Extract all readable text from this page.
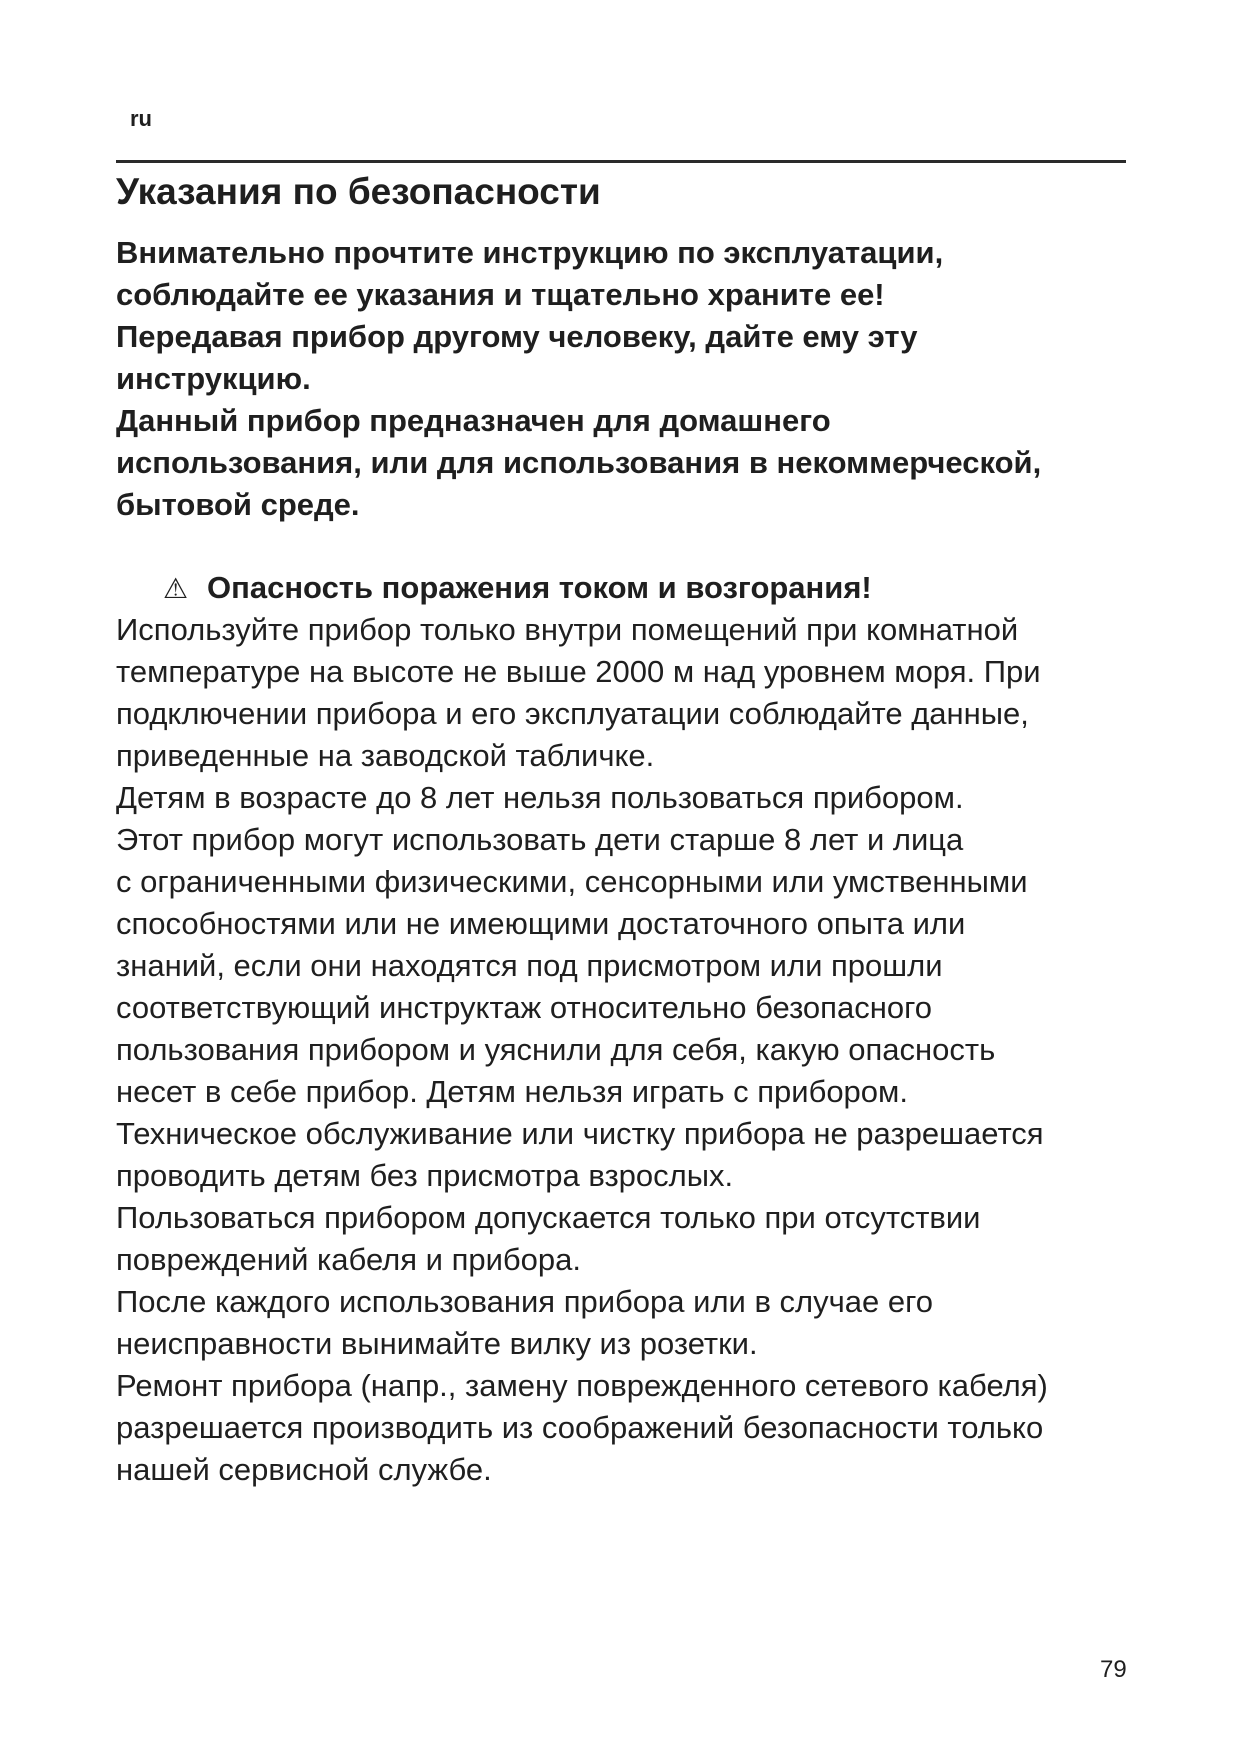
ru
Указания по безопасности

Внимательно прочтите инструкцию по эксплуатации,

соблюдайте ее указания и тщательно храните ее!

Передавая прибор другому человеку, дайте ему эту

инструкцию.

Данный прибор предназначен для домашнего

использования, или для использования в некоммерческой,

бытовой среде.

⚠ Опасность поражения током и возгорания!

Используйте прибор только внутри помещений при комнатной

температуре на высоте не выше 2000 м над уровнем моря. При

подключении прибора и его эксплуатации соблюдайте данные,

приведенные на заводской табличке.

Детям в возрасте до 8 лет нельзя пользоваться прибором.

Этот прибор могут использовать дети старше 8 лет и лица

с ограниченными физическими, сенсорными или умственными

способностями или не имеющими достаточного опыта или

знаний, если они находятся под присмотром или прошли

соответствующий инструктаж относительно безопасного

пользования прибором и уяснили для себя, какую опасность

несет в себе прибор. Детям нельзя играть с прибором.

Техническое обслуживание или чистку прибора не разрешается

проводить детям без присмотра взрослых.

Пользоваться прибором допускается только при отсутствии

повреждений кабеля и прибора.

После каждого использования прибора или в случае его

неисправности вынимайте вилку из розетки.

Ремонт прибора (напр., замену поврежденного сетевого кабеля)

разрешается производить из соображений безопасности только

нашей сервисной службе.

79
